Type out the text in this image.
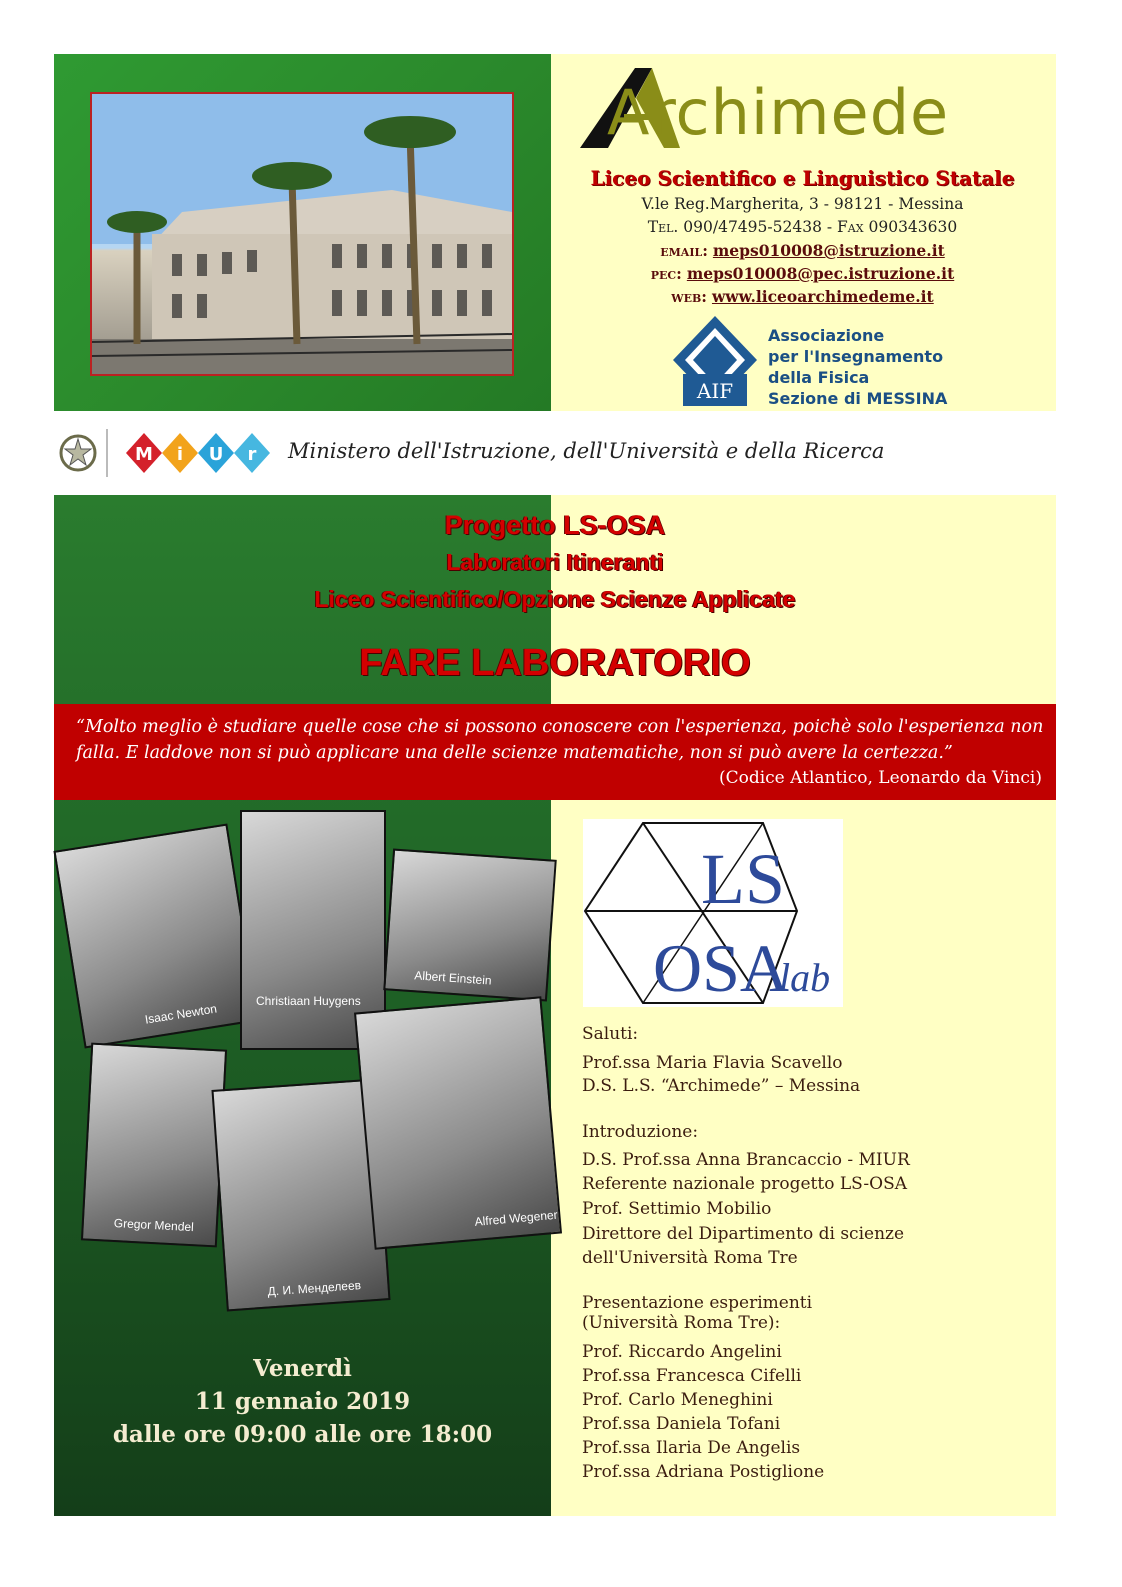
Archimede
Liceo Scientifico e Linguistico Statale
V.le Reg.Margherita, 3 - 98121 - Messina
Tel. 090/47495-52438 - Fax 090343630
email: meps010008@istruzione.it
pec: meps010008@pec.istruzione.it
web: www.liceoarchimedeme.it
AIF
Associazione
per l'Insegnamento
della Fisica
Sezione di MESSINA
M i U r Ministero dell'Istruzione, dell'Università e della Ricerca
Progetto LS-OSA
Laboratori Itineranti
Liceo Scientifico/Opzione Scienze Applicate
FARE LABORATORIO
“Molto meglio è studiare quelle cose che si possono conoscere con l'esperienza, poichè solo l'esperienza non falla. E laddove non si può applicare una delle scienze matematiche, non si può avere la certezza.”
(Codice Atlantico, Leonardo da Vinci)
Isaac Newton
Christiaan Huygens
Albert Einstein
Gregor Mendel
Д. И. Менделеев
Alfred Wegener
LS
OSA
lab
Saluti:
Prof.ssa Maria Flavia Scavello
D.S. L.S. “Archimede” – Messina
Introduzione:
D.S. Prof.ssa Anna Brancaccio - MIUR
Referente nazionale progetto LS-OSA
Prof. Settimio Mobilio
Direttore del Dipartimento di scienze
dell'Università Roma Tre
Presentazione esperimenti
(Università Roma Tre):
Prof. Riccardo Angelini
Prof.ssa Francesca Cifelli
Prof. Carlo Meneghini
Prof.ssa Daniela Tofani
Prof.ssa Ilaria De Angelis
Prof.ssa Adriana Postiglione
Venerdì
11 gennaio 2019
dalle ore 09:00 alle ore 18:00
